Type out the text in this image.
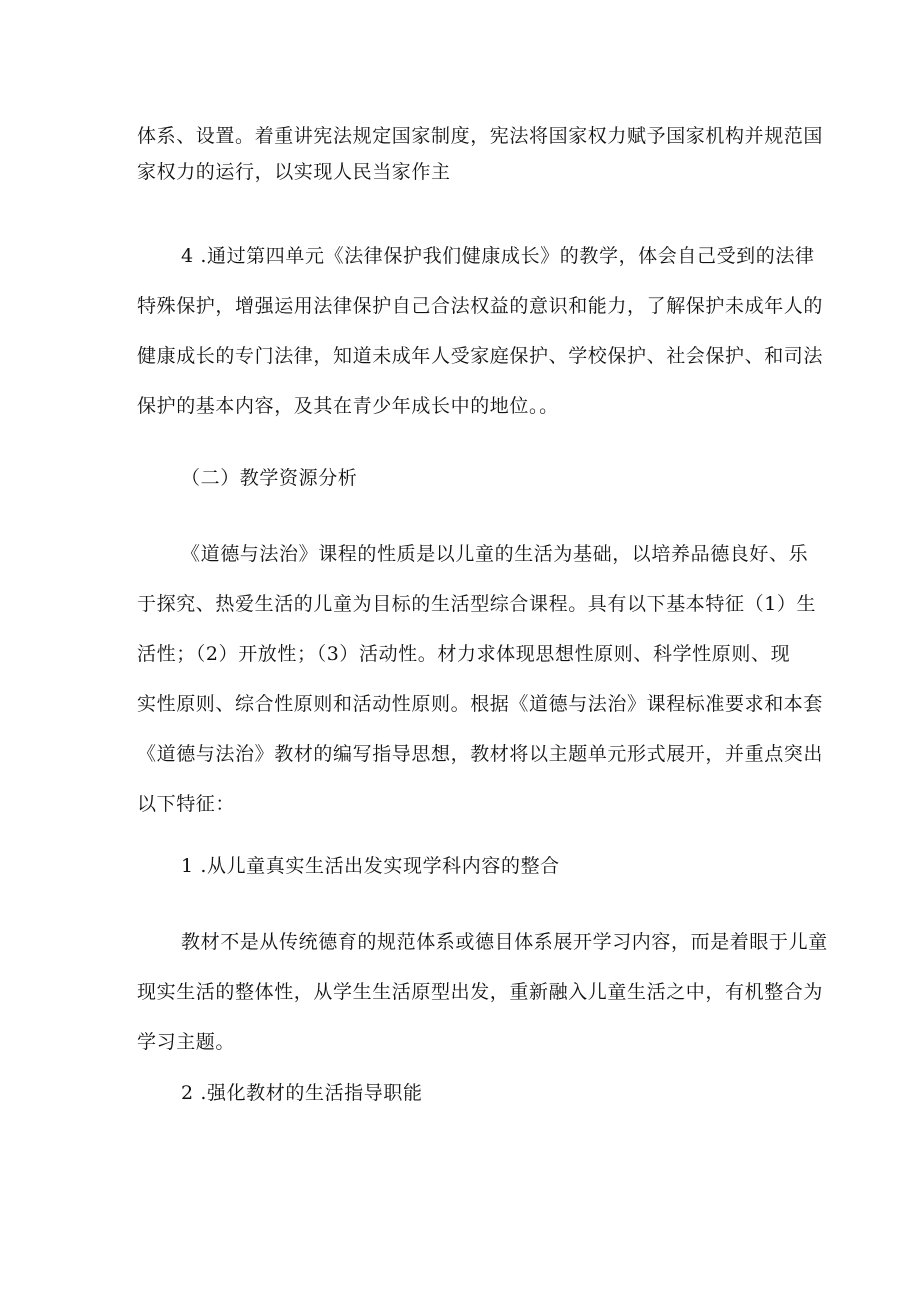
体系、设置。着重讲宪法规定国家制度，宪法将国家权力赋予国家机构并规范国
家权力的运行，以实现人民当家作主

4 .通过第四单元《法律保护我们健康成长》的教学，体会自己受到的法律
特殊保护，增强运用法律保护自己合法权益的意识和能力，了解保护未成年人的
健康成长的专门法律，知道未成年人受家庭保护、学校保护、社会保护、和司法
保护的基本内容，及其在青少年成长中的地位。。

（二）教学资源分析

《道德与法治》课程的性质是以儿童的生活为基础，以培养品德良好、乐
于探究、热爱生活的儿童为目标的生活型综合课程。具有以下基本特征（1）生
活性；（2）开放性；（3）活动性。材力求体现思想性原则、科学性原则、现
实性原则、综合性原则和活动性原则。根据《道德与法治》课程标准要求和本套
《道德与法治》教材的编写指导思想，教材将以主题单元形式展开，并重点突出
以下特征：

1 .从儿童真实生活出发实现学科内容的整合

教材不是从传统德育的规范体系或德目体系展开学习内容，而是着眼于儿童
现实生活的整体性，从学生生活原型出发，重新融入儿童生活之中，有机整合为
学习主题。

2 .强化教材的生活指导职能
